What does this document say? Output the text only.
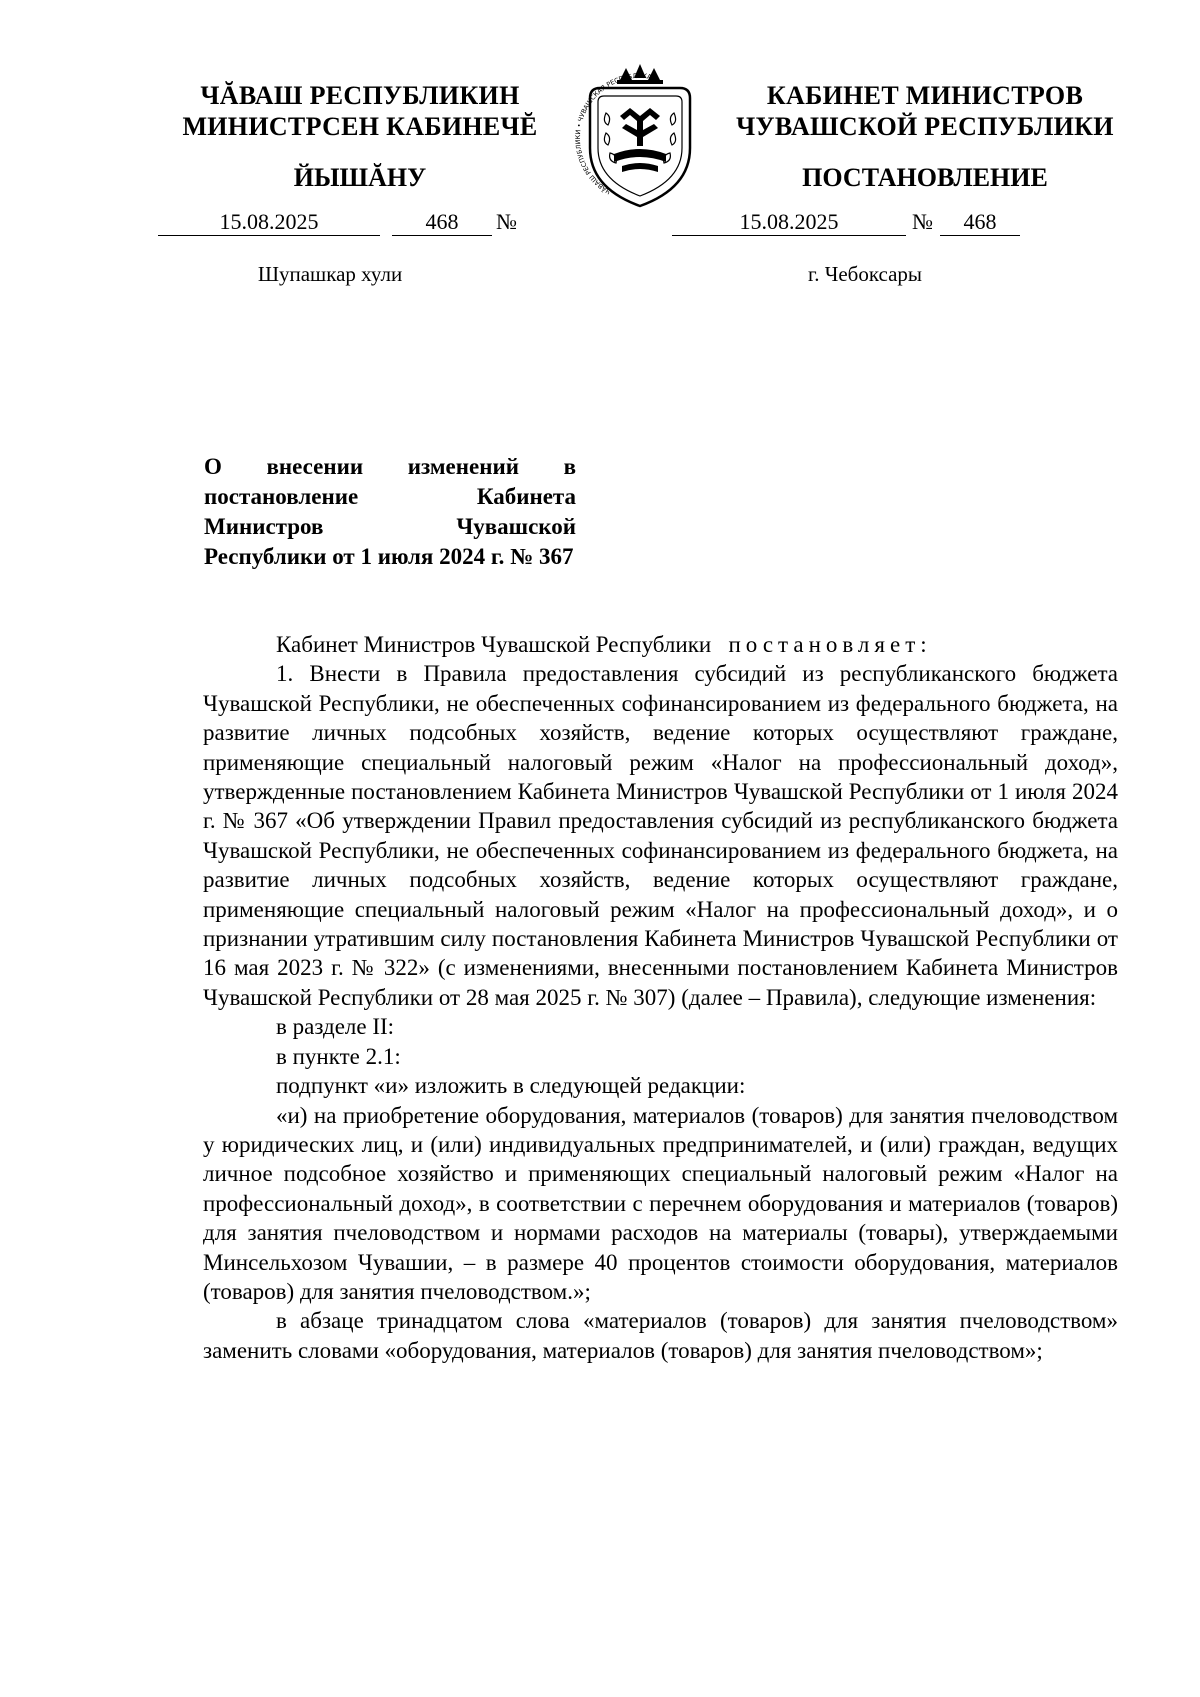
ЧĂВАШ РЕСПУБЛИКИН
МИНИСТРСЕН КАБИНЕЧĔ
ЙЫШĂНУ
КАБИНЕТ МИНИСТРОВ
ЧУВАШСКОЙ РЕСПУБЛИКИ
ПОСТАНОВЛЕНИЕ
ЧĂВАШ РЕСПУБЛИКИ • ЧУВАШСКАЯ РЕСПУБЛИКА
15.08.2025	468	№	15.08.2025	№	468
Шупашкар хули	г. Чебоксары
О внесении изменений в постановление Кабинета Министров Чувашской Республики от 1 июля 2024 г. № 367

Кабинет Министров Чувашской Республики постановляет:

1. Внести в Правила предоставления субсидий из республиканского бюджета Чувашской Республики, не обеспеченных софинансированием из федерального бюджета, на развитие личных подсобных хозяйств, ведение которых осуществляют граждане, применяющие специальный налоговый режим «Налог на профессиональный доход», утвержденные постановлением Кабинета Министров Чувашской Республики от 1 июля 2024 г. № 367 «Об утверждении Правил предоставления субсидий из республиканского бюджета Чувашской Республики, не обеспеченных софинансированием из федерального бюджета, на развитие личных подсобных хозяйств, ведение которых осуществляют граждане, применяющие специальный налоговый режим «Налог на профессиональный доход», и о признании утратившим силу постановления Кабинета Министров Чувашской Республики от 16 мая 2023 г. № 322» (с изменениями, внесенными постановлением Кабинета Министров Чувашской Республики от 28 мая 2025 г. № 307) (далее – Правила), следующие изменения:

в разделе II:

в пункте 2.1:

подпункт «и» изложить в следующей редакции:

«и) на приобретение оборудования, материалов (товаров) для занятия пчеловодством у юридических лиц, и (или) индивидуальных предпринимателей, и (или) граждан, ведущих личное подсобное хозяйство и применяющих специальный налоговый режим «Налог на профессиональный доход», в соответствии с перечнем оборудования и материалов (товаров) для занятия пчеловодством и нормами расходов на материалы (товары), утверждаемыми Минсельхозом Чувашии, – в размере 40 процентов стоимости оборудования, материалов (товаров) для занятия пчеловодством.»;

в абзаце тринадцатом слова «материалов (товаров) для занятия пчеловодством» заменить словами «оборудования, материалов (товаров) для занятия пчеловодством»;
